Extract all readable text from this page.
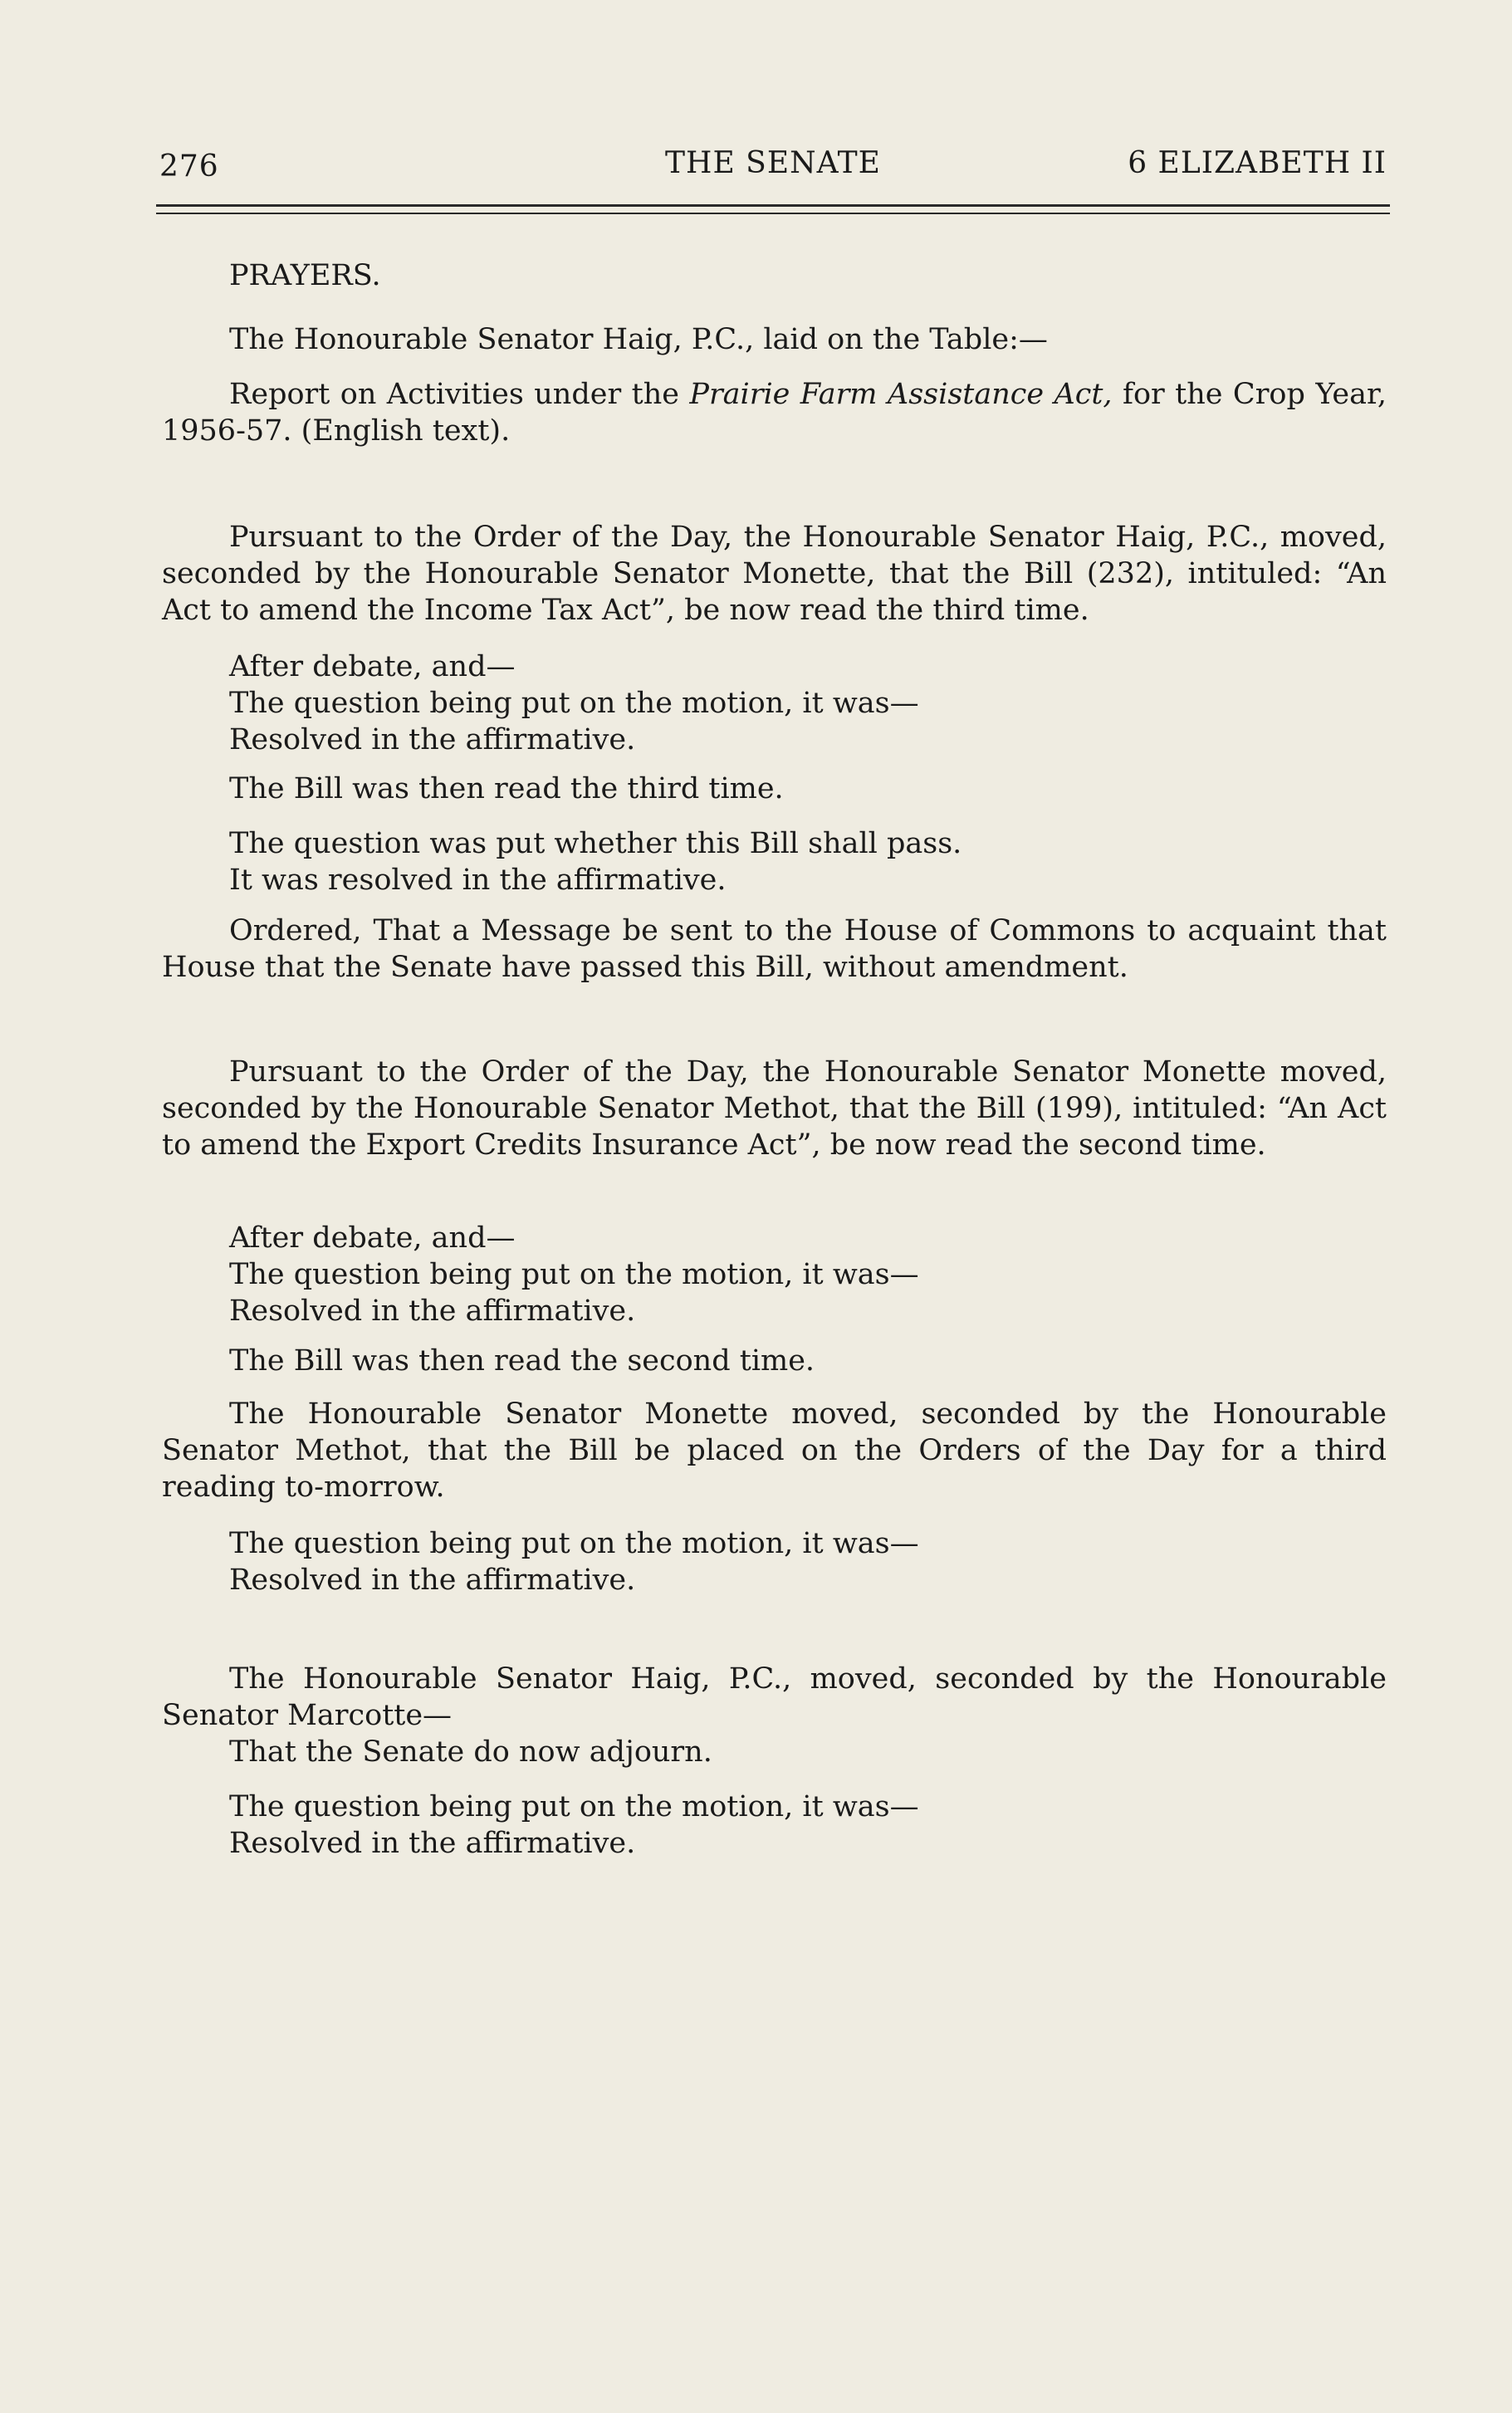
276	THE SENATE	6 ELIZABETH II

PRAYERS.

The Honourable Senator Haig, P.C., laid on the Table:—

Report on Activities under the Prairie Farm Assistance Act, for the Crop Year, 1956-57. (English text).

Pursuant to the Order of the Day, the Honourable Senator Haig, P.C., moved, seconded by the Honourable Senator Monette, that the Bill (232), intituled: “An Act to amend the Income Tax Act”, be now read the third time.

After debate, and—

The question being put on the motion, it was—

Resolved in the affirmative.

The Bill was then read the third time.

The question was put whether this Bill shall pass.

It was resolved in the affirmative.

Ordered, That a Message be sent to the House of Commons to acquaint that House that the Senate have passed this Bill, without amendment.

Pursuant to the Order of the Day, the Honourable Senator Monette moved, seconded by the Honourable Senator Methot, that the Bill (199), intituled: “An Act to amend the Export Credits Insurance Act”, be now read the second time.

After debate, and—

The question being put on the motion, it was—

Resolved in the affirmative.

The Bill was then read the second time.

The Honourable Senator Monette moved, seconded by the Honourable Senator Methot, that the Bill be placed on the Orders of the Day for a third reading to-morrow.

The question being put on the motion, it was—

Resolved in the affirmative.

The Honourable Senator Haig, P.C., moved, seconded by the Honourable Senator Marcotte—

That the Senate do now adjourn.

The question being put on the motion, it was—

Resolved in the affirmative.
